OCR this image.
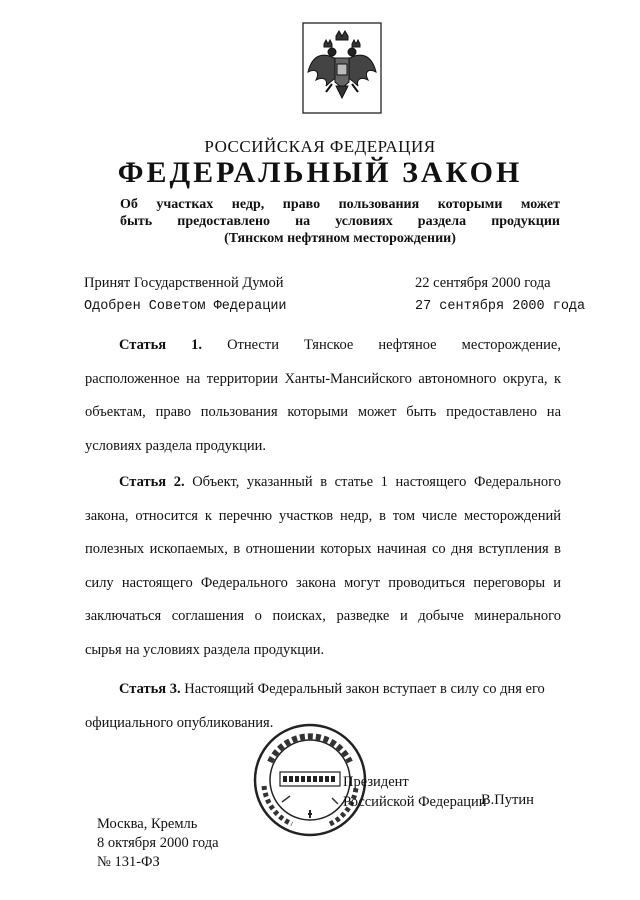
РОССИЙСКАЯ ФЕДЕРАЦИЯ
ФЕДЕРАЛЬНЫЙ ЗАКОН
Об участках недр, право пользования которыми может
быть предоставлено на условиях раздела продукции
(Тянском нефтяном месторождении)
Принят Государственной Думой	22 сентября 2000 года
Одобрен Советом Федерации	27 сентября 2000 года
Статья 1. Отнести Тянское нефтяное месторождение,
расположенное на территории Ханты-Мансийского автономного округа, к
объектам, право пользования которыми может быть предоставлено на
условиях раздела продукции.
Статья 2. Объект, указанный в статье 1 настоящего Федерального
закона, относится к перечню участков недр, в том числе месторождений
полезных ископаемых, в отношении которых начиная со дня вступления в
силу настоящего Федерального закона могут проводиться переговоры и
заключаться соглашения о поисках, разведке и добыче минерального
сырья на условиях раздела продукции.
Статья 3. Настоящий Федеральный закон вступает в силу со дня его
официального опубликования.
Президент
Российской Федерации
В.Путин
Москва, Кремль
8 октября 2000 года
№ 131-ФЗ
